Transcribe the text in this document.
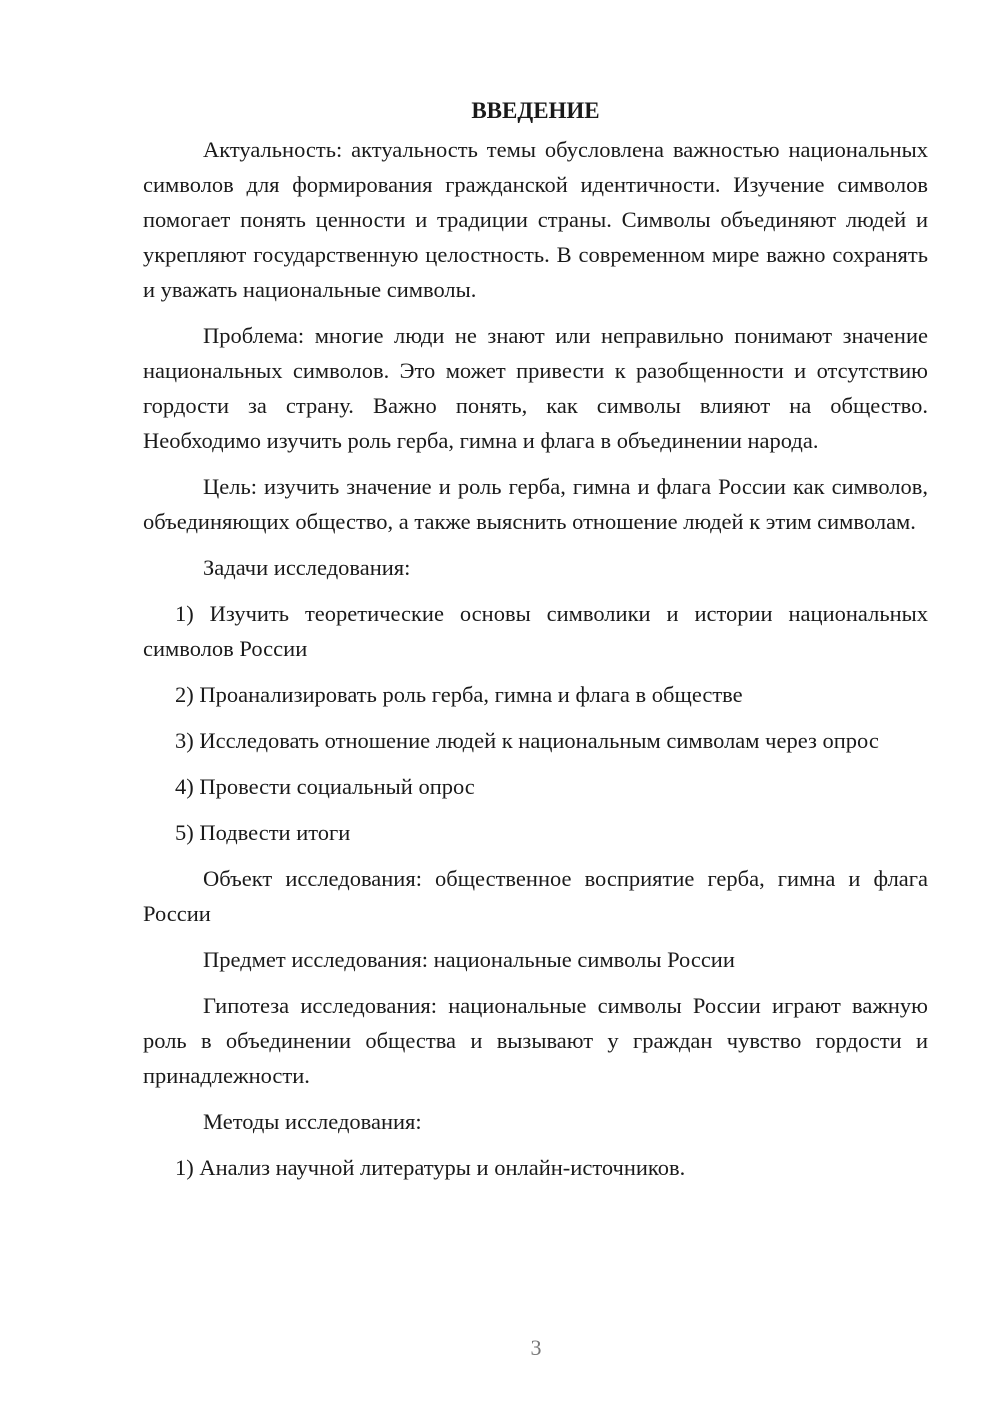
ВВЕДЕНИЕ
Актуальность: актуальность темы обусловлена важностью национальных символов для формирования гражданской идентичности. Изучение символов помогает понять ценности и традиции страны. Символы объединяют людей и укрепляют государственную целостность. В современном мире важно сохранять и уважать национальные символы.
Проблема: многие люди не знают или неправильно понимают значение национальных символов. Это может привести к разобщенности и отсутствию гордости за страну. Важно понять, как символы влияют на общество. Необходимо изучить роль герба, гимна и флага в объединении народа.
Цель: изучить значение и роль герба, гимна и флага России как символов, объединяющих общество, а также выяснить отношение людей к этим символам.
Задачи исследования:
1) Изучить теоретические основы символики и истории национальных символов России
2) Проанализировать роль герба, гимна и флага в обществе
3) Исследовать отношение людей к национальным символам через опрос
4) Провести социальный опрос
5) Подвести итоги
Объект исследования: общественное восприятие герба, гимна и флага России
Предмет исследования: национальные символы России
Гипотеза исследования: национальные символы России играют важную роль в объединении общества и вызывают у граждан чувство гордости и принадлежности.
Методы исследования:
1) Анализ научной литературы и онлайн-источников.
3
